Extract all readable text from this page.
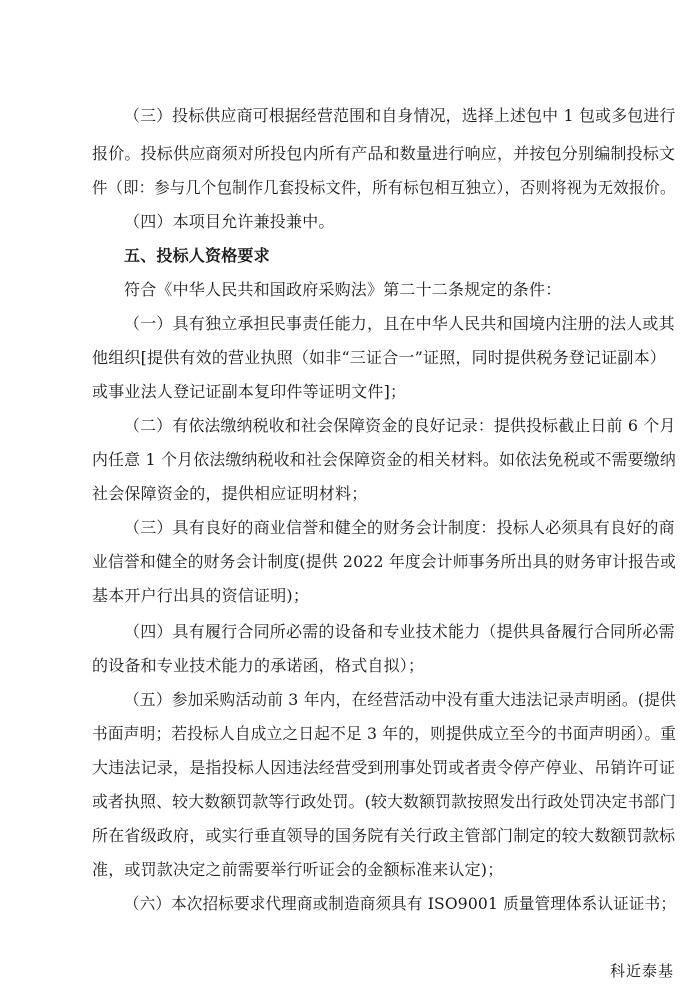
（三）投标供应商可根据经营范围和自身情况，选择上述包中 1 包或多包进行
报价。投标供应商须对所投包内所有产品和数量进行响应，并按包分别编制投标文
件（即：参与几个包制作几套投标文件，所有标包相互独立），否则将视为无效报价。
（四）本项目允许兼投兼中。
五、投标人资格要求
符合《中华人民共和国政府采购法》第二十二条规定的条件：
（一）具有独立承担民事责任能力，且在中华人民共和国境内注册的法人或其
他组织[提供有效的营业执照（如非“三证合一”证照，同时提供税务登记证副本）
或事业法人登记证副本复印件等证明文件]；
（二）有依法缴纳税收和社会保障资金的良好记录：提供投标截止日前 6 个月
内任意 1 个月依法缴纳税收和社会保障资金的相关材料。如依法免税或不需要缴纳
社会保障资金的，提供相应证明材料；
（三）具有良好的商业信誉和健全的财务会计制度：投标人必须具有良好的商
业信誉和健全的财务会计制度(提供 2022 年度会计师事务所出具的财务审计报告或
基本开户行出具的资信证明)；
（四）具有履行合同所必需的设备和专业技术能力（提供具备履行合同所必需
的设备和专业技术能力的承诺函，格式自拟）；
（五）参加采购活动前 3 年内，在经营活动中没有重大违法记录声明函。(提供
书面声明；若投标人自成立之日起不足 3 年的，则提供成立至今的书面声明函）。重
大违法记录，是指投标人因违法经营受到刑事处罚或者责令停产停业、吊销许可证
或者执照、较大数额罚款等行政处罚。(较大数额罚款按照发出行政处罚决定书部门
所在省级政府，或实行垂直领导的国务院有关行政主管部门制定的较大数额罚款标
准，或罚款决定之前需要举行听证会的金额标准来认定)；
（六）本次招标要求代理商或制造商须具有 ISO9001 质量管理体系认证证书；
科近泰基
